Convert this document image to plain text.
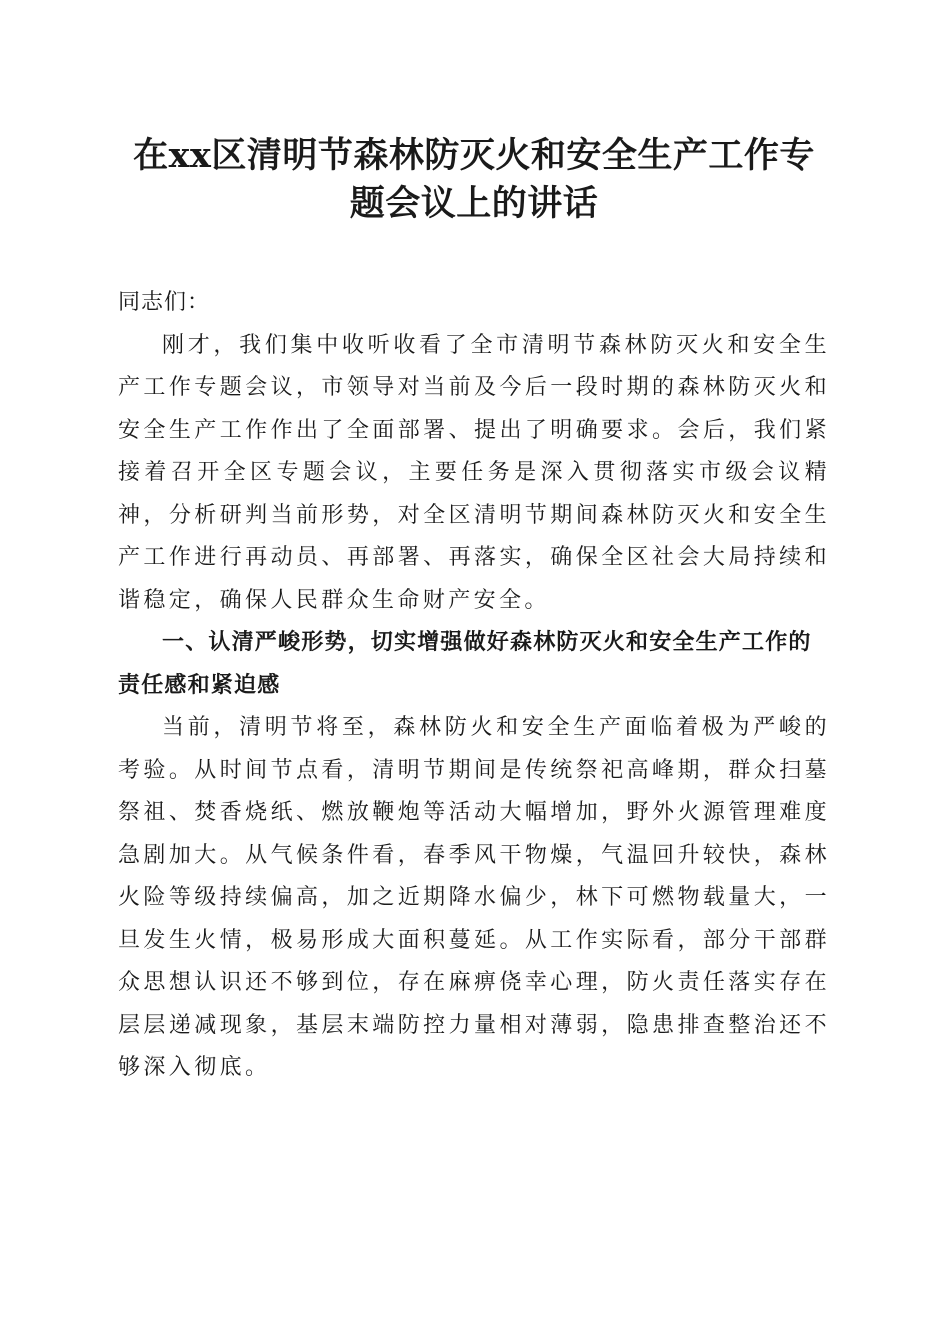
在xx区清明节森林防灭火和安全生产工作专题会议上的讲话

同志们：

刚才，我们集中收听收看了全市清明节森林防灭火和安全生产工作专题会议，市领导对当前及今后一段时期的森林防灭火和安全生产工作作出了全面部署、提出了明确要求。会后，我们紧接着召开全区专题会议，主要任务是深入贯彻落实市级会议精神，分析研判当前形势，对全区清明节期间森林防灭火和安全生产工作进行再动员、再部署、再落实，确保全区社会大局持续和谐稳定，确保人民群众生命财产安全。

一、认清严峻形势，切实增强做好森林防灭火和安全生产工作的责任感和紧迫感

当前，清明节将至，森林防火和安全生产面临着极为严峻的考验。从时间节点看，清明节期间是传统祭祀高峰期，群众扫墓祭祖、焚香烧纸、燃放鞭炮等活动大幅增加，野外火源管理难度急剧加大。从气候条件看，春季风干物燥，气温回升较快，森林火险等级持续偏高，加之近期降水偏少，林下可燃物载量大，一旦发生火情，极易形成大面积蔓延。从工作实际看，部分干部群众思想认识还不够到位，存在麻痹侥幸心理，防火责任落实存在层层递减现象，基层末端防控力量相对薄弱，隐患排查整治还不够深入彻底。
